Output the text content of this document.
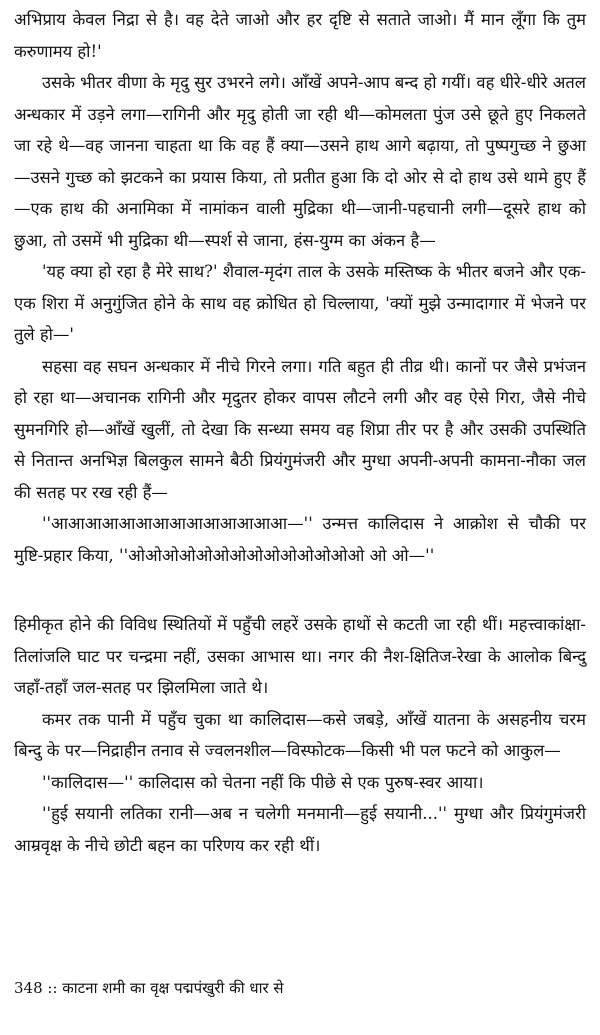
अभिप्राय केवल निद्रा से है। वह देते जाओ और हर दृष्टि से सताते जाओ। मैं मान लूँगा कि तुम करुणामय हो!'

उसके भीतर वीणा के मृदु सुर उभरने लगे। आँखें अपने-आप बन्द हो गयीं। वह धीरे-धीरे अतल अन्धकार में उड़ने लगा—रागिनी और मृदु होती जा रही थी—कोमलता पुंज उसे छूते हुए निकलते जा रहे थे—वह जानना चाहता था कि वह हैं क्या—उसने हाथ आगे बढ़ाया, तो पुष्पगुच्छ ने छुआ—उसने गुच्छ को झटकने का प्रयास किया, तो प्रतीत हुआ कि दो ओर से दो हाथ उसे थामे हुए हैं—एक हाथ की अनामिका में नामांकन वाली मुद्रिका थी—जानी-पहचानी लगी—दूसरे हाथ को छुआ, तो उसमें भी मुद्रिका थी—स्पर्श से जाना, हंस-युग्म का अंकन है—

'यह क्या हो रहा है मेरे साथ?' शैवाल-मृदंग ताल के उसके मस्तिष्क के भीतर बजने और एक-एक शिरा में अनुगुंजित होने के साथ वह क्रोधित हो चिल्लाया, 'क्यों मुझे उन्मादागार में भेजने पर तुले हो—'

सहसा वह सघन अन्धकार में नीचे गिरने लगा। गति बहुत ही तीव्र थी। कानों पर जैसे प्रभंजन हो रहा था—अचानक रागिनी और मृदुतर होकर वापस लौटने लगी और वह ऐसे गिरा, जैसे नीचे सुमनगिरि हो—आँखें खुलीं, तो देखा कि सन्ध्या समय वह शिप्रा तीर पर है और उसकी उपस्थिति से नितान्त अनभिज्ञ बिलकुल सामने बैठी प्रियंगुमंजरी और मुग्धा अपनी-अपनी कामना-नौका जल की सतह पर रख रही हैं—

''आआआआआआआआआआआआआआ—'' उन्मत्त कालिदास ने आक्रोश से चौकी पर मुष्टि-प्रहार किया, ''ओओओओओओओओओओओओओओ ओ ओ—''

हिमीकृत होने की विविध स्थितियों में पहुँची लहरें उसके हाथों से कटती जा रही थीं। महत्त्वाकांक्षा-तिलांजलि घाट पर चन्द्रमा नहीं, उसका आभास था। नगर की नैश-क्षितिज-रेखा के आलोक बिन्दु जहाँ-तहाँ जल-सतह पर झिलमिला जाते थे।

कमर तक पानी में पहुँच चुका था कालिदास—कसे जबड़े, आँखें यातना के असहनीय चरम बिन्दु के पर—निद्राहीन तनाव से ज्वलनशील—विस्फोटक—किसी भी पल फटने को आकुल—

''कालिदास—'' कालिदास को चेतना नहीं कि पीछे से एक पुरुष-स्वर आया।

''हुई सयानी लतिका रानी—अब न चलेगी मनमानी—हुई सयानी...'' मुग्धा और प्रियंगुमंजरी आम्रवृक्ष के नीचे छोटी बहन का परिणय कर रही थीं।

348 :: काटना शमी का वृक्ष पद्मपंखुरी की धार से
